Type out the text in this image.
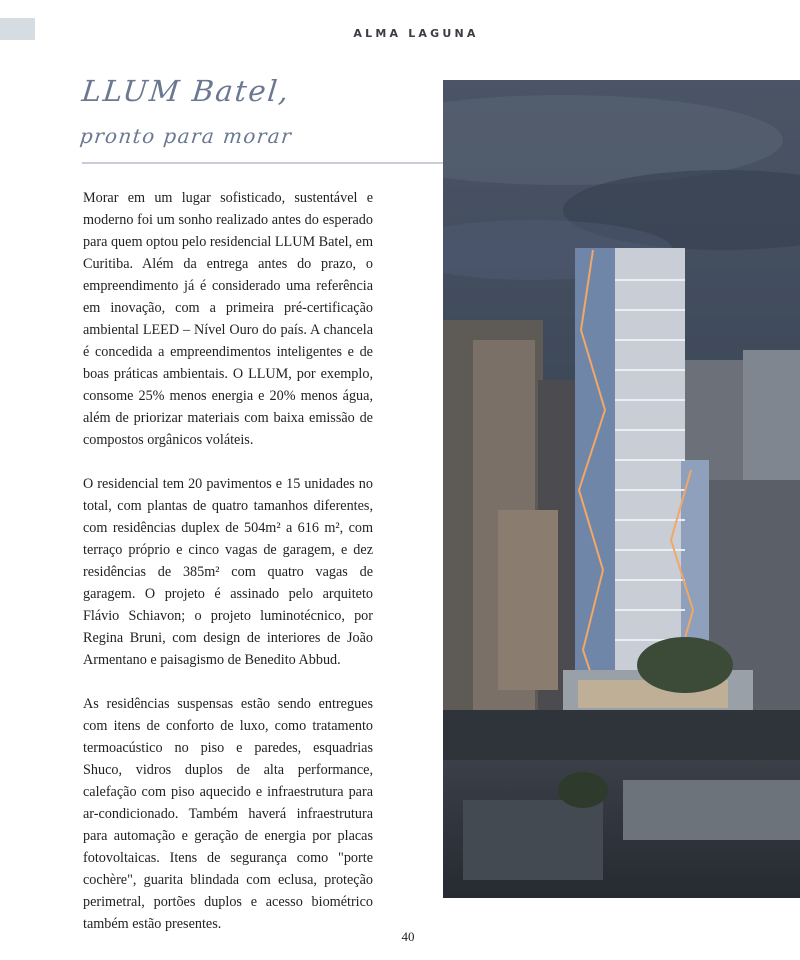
ALMA LAGUNA
LLUM Batel,
pronto para morar

Morar em um lugar sofisticado, sustentável e moderno foi um sonho realizado antes do esperado para quem optou pelo residencial LLUM Batel, em Curitiba. Além da entrega antes do prazo, o empreendimento já é considerado uma referência em inovação, com a primeira pré-certificação ambiental LEED – Nível Ouro do país. A chancela é concedida a empreendimentos inteligentes e de boas práticas ambientais. O LLUM, por exemplo, consome 25% menos energia e 20% menos água, além de priorizar materiais com baixa emissão de compostos orgânicos voláteis.

O residencial tem 20 pavimentos e 15 unidades no total, com plantas de quatro tamanhos diferentes, com residências duplex de 504m² a 616 m², com terraço próprio e cinco vagas de garagem, e dez residências de 385m² com quatro vagas de garagem. O projeto é assinado pelo arquiteto Flávio Schiavon; o projeto luminotécnico, por Regina Bruni, com design de interiores de João Armentano e paisagismo de Benedito Abbud.

As residências suspensas estão sendo entregues com itens de conforto de luxo, como tratamento termoacústico no piso e paredes, esquadrias Shuco, vidros duplos de alta performance, calefação com piso aquecido e infraestrutura para ar-condicionado. Também haverá infraestrutura para automação e geração de energia por placas fotovoltaicas. Itens de segurança como "porte cochère", guarita blindada com eclusa, proteção perimetral, portões duplos e acesso biométrico também estão presentes.

40
